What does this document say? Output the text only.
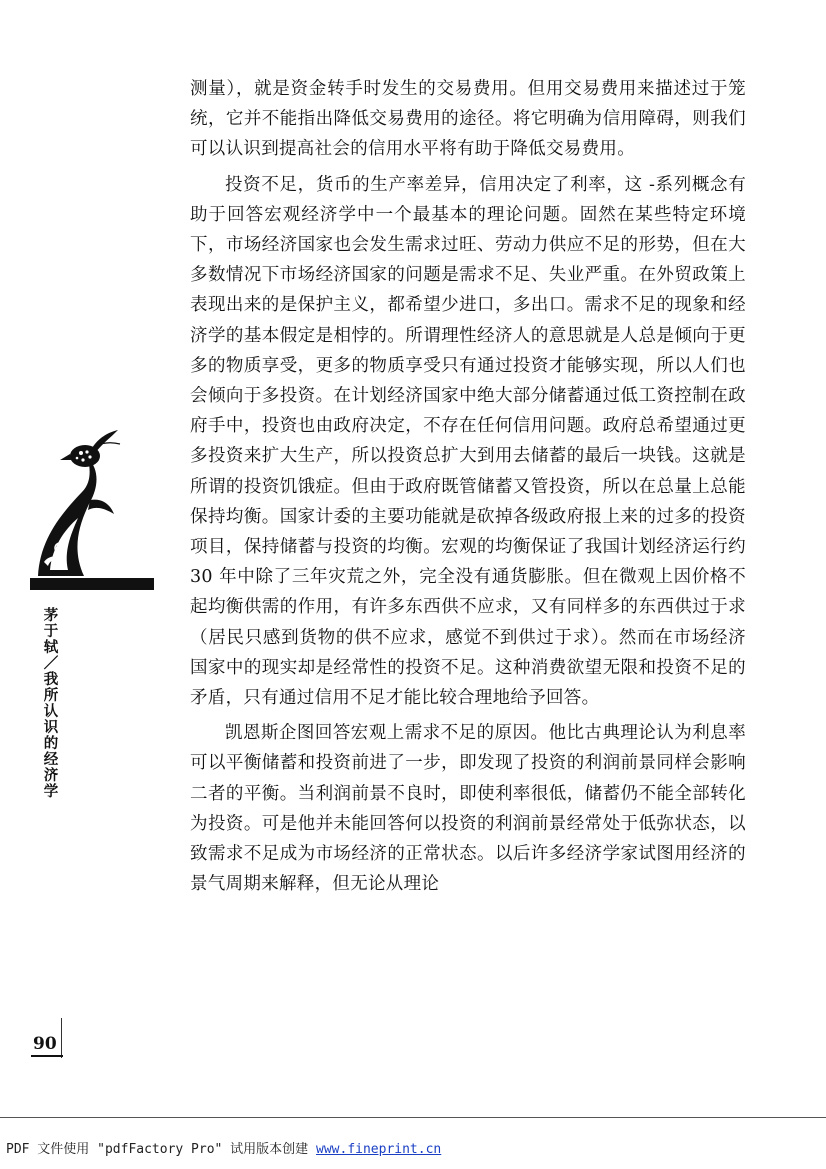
测量），就是资金转手时发生的交易费用。但用交易费用来描述过于笼统，它并不能指出降低交易费用的途径。将它明确为信用障碍，则我们可以认识到提高社会的信用水平将有助于降低交易费用。

投资不足，货币的生产率差异，信用决定了利率，这 -系列概念有助于回答宏观经济学中一个最基本的理论问题。固然在某些特定环境下，市场经济国家也会发生需求过旺、劳动力供应不足的形势，但在大多数情况下市场经济国家的问题是需求不足、失业严重。在外贸政策上表现出来的是保护主义，都希望少进口，多出口。需求不足的现象和经济学的基本假定是相悖的。所谓理性经济人的意思就是人总是倾向于更多的物质享受，更多的物质享受只有通过投资才能够实现，所以人们也会倾向于多投资。在计划经济国家中绝大部分储蓄通过低工资控制在政府手中，投资也由政府决定，不存在任何信用问题。政府总希望通过更多投资来扩大生产，所以投资总扩大到用去储蓄的最后一块钱。这就是所谓的投资饥饿症。但由于政府既管储蓄又管投资，所以在总量上总能保持均衡。国家计委的主要功能就是砍掉各级政府报上来的过多的投资项目，保持储蓄与投资的均衡。宏观的均衡保证了我国计划经济运行约 30 年中除了三年灾荒之外，完全没有通货膨胀。但在微观上因价格不起均衡供需的作用，有许多东西供不应求，又有同样多的东西供过于求（居民只感到货物的供不应求，感觉不到供过于求）。然而在市场经济国家中的现实却是经常性的投资不足。这种消费欲望无限和投资不足的矛盾，只有通过信用不足才能比较合理地给予回答。

凯恩斯企图回答宏观上需求不足的原因。他比古典理论认为利息率可以平衡储蓄和投资前进了一步，即发现了投资的利润前景同样会影响二者的平衡。当利润前景不良时，即使利率很低，储蓄仍不能全部转化为投资。可是他并未能回答何以投资的利润前景经常处于低弥状态，以致需求不足成为市场经济的正常状态。以后许多经济学家试图用经济的景气周期来解释，但无论从理论

茅于轼／我所认识的经济学
90
PDF 文件使用 "pdfFactory Pro" 试用版本创建 www.fineprint.cn
